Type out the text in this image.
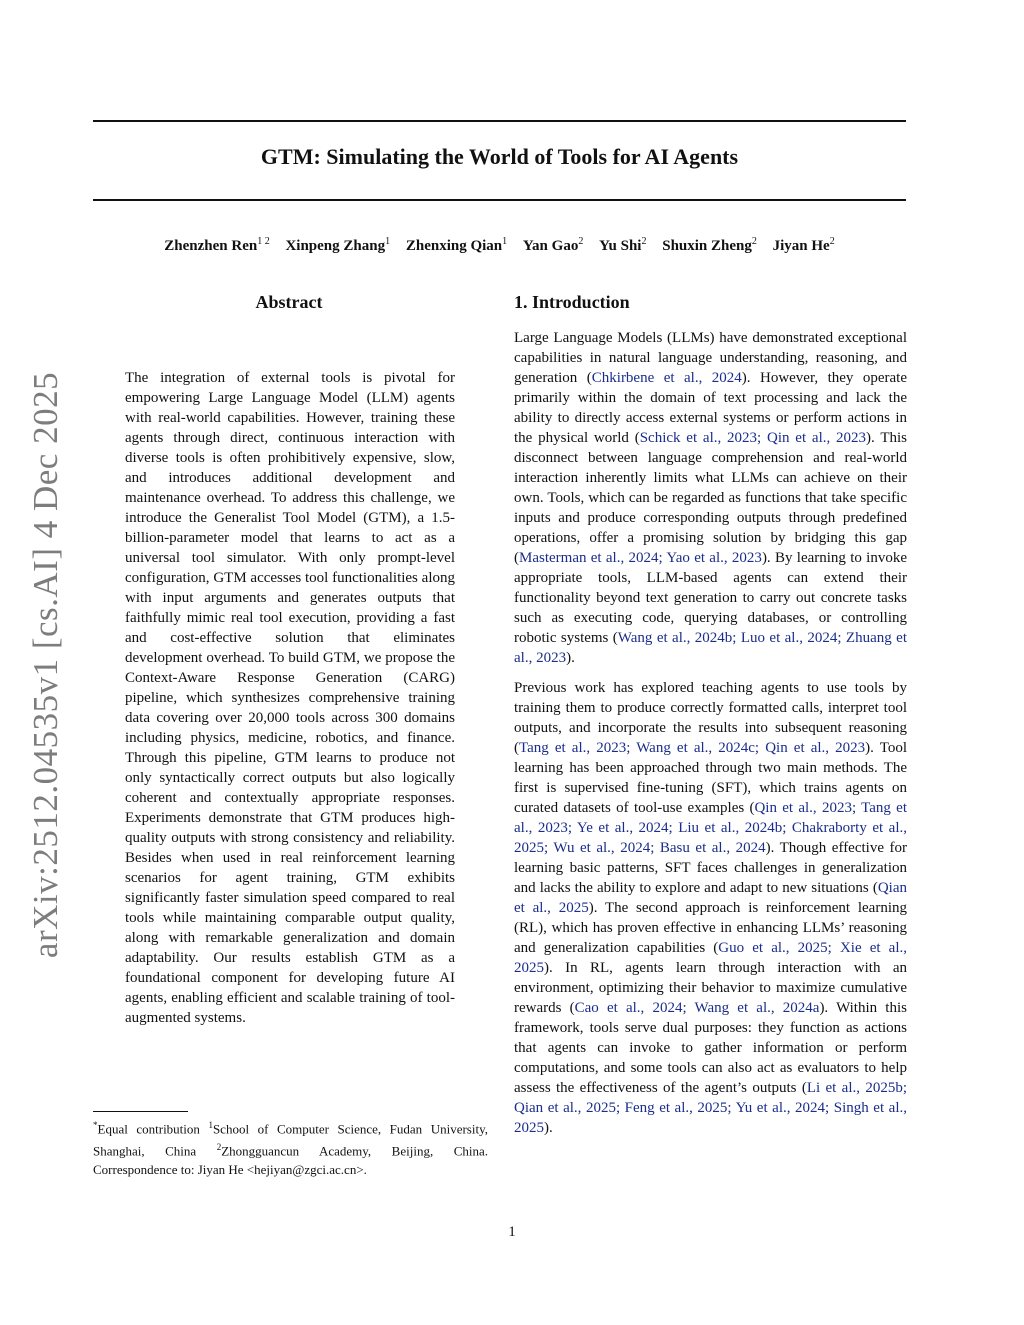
GTM: Simulating the World of Tools for AI Agents
Zhenzhen Ren$^{1 2}$ Xinpeng Zhang$^1$ Zhenxing Qian$^1$ Yan Gao$^2$ Yu Shi$^2$ Shuxin Zheng$^2$ Jiyan He$^2$
arXiv:2512.04535v1 [cs.AI] 4 Dec 2025
Abstract

The integration of external tools is pivotal for empowering Large Language Model (LLM) agents with real-world capabilities. However, training these agents through direct, continuous interaction with diverse tools is often prohibitively expensive, slow, and introduces additional development and maintenance overhead. To address this challenge, we introduce the Generalist Tool Model (GTM), a 1.5-billion-parameter model that learns to act as a universal tool simulator. With only prompt-level configuration, GTM accesses tool functionalities along with input arguments and generates outputs that faithfully mimic real tool execution, providing a fast and cost-effective solution that eliminates development overhead. To build GTM, we propose the Context-Aware Response Generation (CARG) pipeline, which synthesizes comprehensive training data covering over 20,000 tools across 300 domains including physics, medicine, robotics, and finance. Through this pipeline, GTM learns to produce not only syntactically correct outputs but also logically coherent and contextually appropriate responses. Experiments demonstrate that GTM produces high-quality outputs with strong consistency and reliability. Besides when used in real reinforcement learning scenarios for agent training, GTM exhibits significantly faster simulation speed compared to real tools while maintaining comparable output quality, along with remarkable generalization and domain adaptability. Our results establish GTM as a foundational component for developing future AI agents, enabling efficient and scalable training of tool-augmented systems.

1. Introduction

Large Language Models (LLMs) have demonstrated exceptional capabilities in natural language understanding, reasoning, and generation (Chkirbene et al., 2024). However, they operate primarily within the domain of text processing and lack the ability to directly access external systems or perform actions in the physical world (Schick et al., 2023; Qin et al., 2023). This disconnect between language comprehension and real-world interaction inherently limits what LLMs can achieve on their own. Tools, which can be regarded as functions that take specific inputs and produce corresponding outputs through predefined operations, offer a promising solution by bridging this gap (Masterman et al., 2024; Yao et al., 2023). By learning to invoke appropriate tools, LLM-based agents can extend their functionality beyond text generation to carry out concrete tasks such as executing code, querying databases, or controlling robotic systems (Wang et al., 2024b; Luo et al., 2024; Zhuang et al., 2023).

Previous work has explored teaching agents to use tools by training them to produce correctly formatted calls, interpret tool outputs, and incorporate the results into subsequent reasoning (Tang et al., 2023; Wang et al., 2024c; Qin et al., 2023). Tool learning has been approached through two main methods. The first is supervised fine-tuning (SFT), which trains agents on curated datasets of tool-use examples (Qin et al., 2023; Tang et al., 2023; Ye et al., 2024; Liu et al., 2024b; Chakraborty et al., 2025; Wu et al., 2024; Basu et al., 2024). Though effective for learning basic patterns, SFT faces challenges in generalization and lacks the ability to explore and adapt to new situations (Qian et al., 2025). The second approach is reinforcement learning (RL), which has proven effective in enhancing LLMs’ reasoning and generalization capabilities (Guo et al., 2025; Xie et al., 2025). In RL, agents learn through interaction with an environment, optimizing their behavior to maximize cumulative rewards (Cao et al., 2024; Wang et al., 2024a). Within this framework, tools serve dual purposes: they function as actions that agents can invoke to gather information or perform computations, and some tools can also act as evaluators to help assess the effectiveness of the agent’s outputs (Li et al., 2025b; Qian et al., 2025; Feng et al., 2025; Yu et al., 2024; Singh et al., 2025).

*Equal contribution $^1$School of Computer Science, Fudan University, Shanghai, China $^2$Zhongguancun Academy, Beijing, China. Correspondence to: Jiyan He <hejiyan@zgci.ac.cn>.

1
